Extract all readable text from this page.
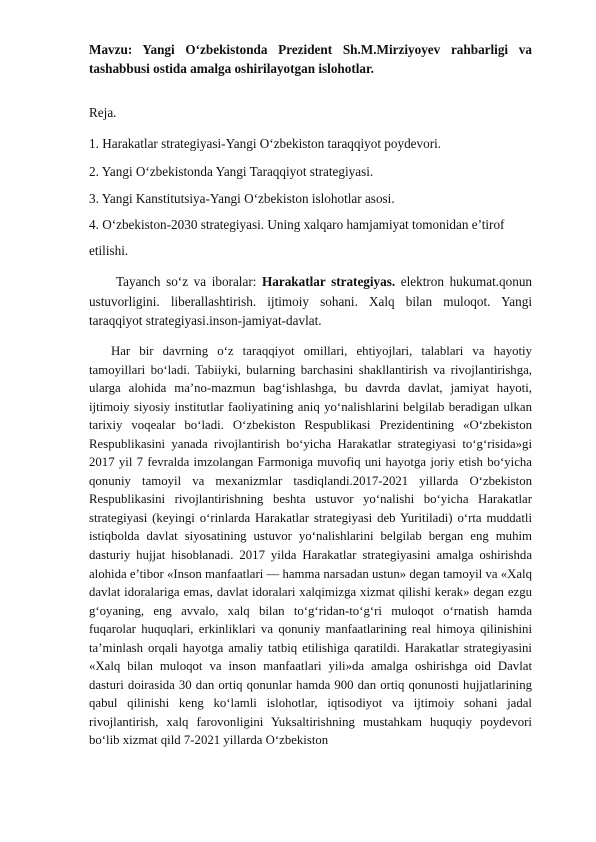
Mavzu: Yangi O‘zbekistonda Prezident Sh.M.Mirziyoyev rahbarligi va tashabbusi ostida amalga oshirilayotgan islohotlar.
Reja.
1. Harakatlar strategiyasi-Yangi O‘zbekiston taraqqiyot poydevori.
2. Yangi O‘zbekistonda Yangi Taraqqiyot strategiyasi.
3. Yangi Kanstitutsiya-Yangi O‘zbekiston islohotlar asosi.
4. O‘zbekiston-2030 strategiyasi. Uning xalqaro hamjamiyat tomonidan e’tirof
etilishi.
Tayanch so‘z va iboralar: Harakatlar strategiyas. elektron hukumat.qonun ustuvorligini. liberallashtirish. ijtimoiy sohani. Xalq bilan muloqot. Yangi taraqqiyot strategiyasi.inson-jamiyat-davlat.
Har bir davrning o‘z taraqqiyot omillari, ehtiyojlari, talablari va hayotiy tamoyillari bo‘ladi. Tabiiyki, bularning barchasini shakllantirish va rivojlantirishga, ularga alohida ma’no-mazmun bag‘ishlashga, bu davrda davlat, jamiyat hayoti, ijtimoiy siyosiy institutlar faoliyatining aniq yo‘nalishlarini belgilab beradigan ulkan tarixiy voqealar bo‘ladi. O‘zbekiston Respublikasi Prezidentining «O‘zbekiston Respublikasini yanada rivojlantirish bo‘yicha Harakatlar strategiyasi to‘g‘risida»gi 2017 yil 7 fevralda imzolangan Farmoniga muvofiq uni hayotga joriy etish bo‘yicha qonuniy tamoyil va mexanizmlar tasdiqlandi.2017-2021 yillarda O‘zbekiston Respublikasini rivojlantirishning beshta ustuvor yo‘nalishi bo‘yicha Harakatlar strategiyasi (keyingi o‘rinlarda Harakatlar strategiyasi deb Yuritiladi) o‘rta muddatli istiqbolda davlat siyosatining ustuvor yo‘nalishlarini belgilab bergan eng muhim dasturiy hujjat hisoblanadi. 2017 yilda Harakatlar strategiyasini amalga oshirishda alohida e’tibor «Inson manfaatlari — hamma narsadan ustun» degan tamoyil va «Xalq davlat idoralariga emas, davlat idoralari xalqimizga xizmat qilishi kerak» degan ezgu g‘oyaning, eng avvalo, xalq bilan to‘g‘ridan-to‘g‘ri muloqot o‘rnatish hamda fuqarolar huquqlari, erkinliklari va qonuniy manfaatlarining real himoya qilinishini ta’minlash orqali hayotga amaliy tatbiq etilishiga qaratildi. Harakatlar strategiyasini «Xalq bilan muloqot va inson manfaatlari yili»da amalga oshirishga oid Davlat dasturi doirasida 30 dan ortiq qonunlar hamda 900 dan ortiq qonunosti hujjatlarining qabul qilinishi keng ko‘lamli islohotlar, iqtisodiyot va ijtimoiy sohani jadal rivojlantirish, xalq farovonligini Yuksaltirishning mustahkam huquqiy poydevori bo‘lib xizmat qild 7-2021 yillarda O‘zbekiston
